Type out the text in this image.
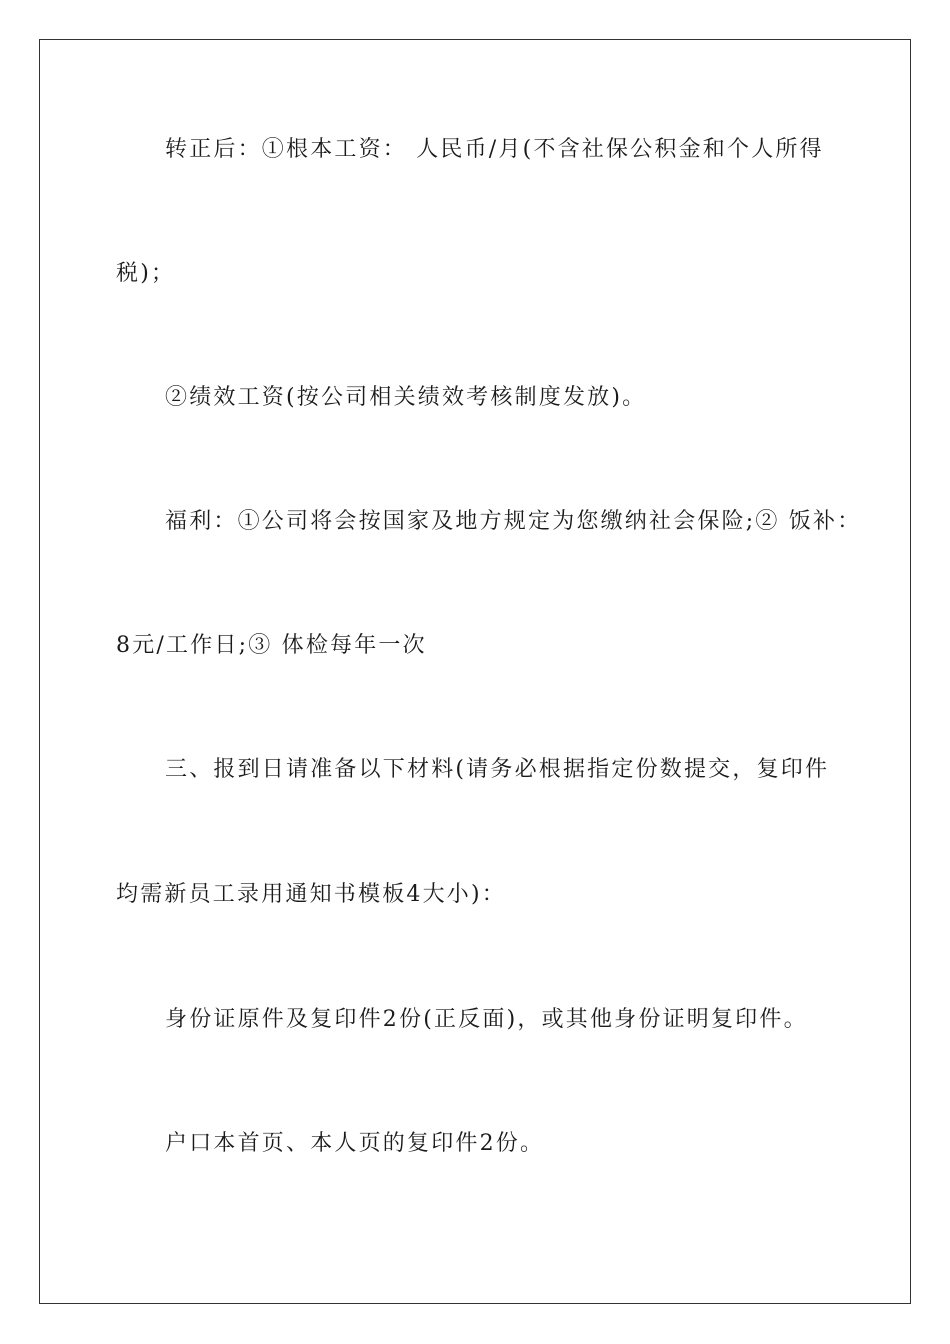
转正后：①根本工资： 人民币/月(不含社保公积金和个人所得
税)；
②绩效工资(按公司相关绩效考核制度发放)。
福利：①公司将会按国家及地方规定为您缴纳社会保险;② 饭补：
8元/工作日;③ 体检每年一次
三、报到日请准备以下材料(请务必根据指定份数提交，复印件
均需新员工录用通知书模板4大小)：
身份证原件及复印件2份(正反面)，或其他身份证明复印件。
户口本首页、本人页的复印件2份。
